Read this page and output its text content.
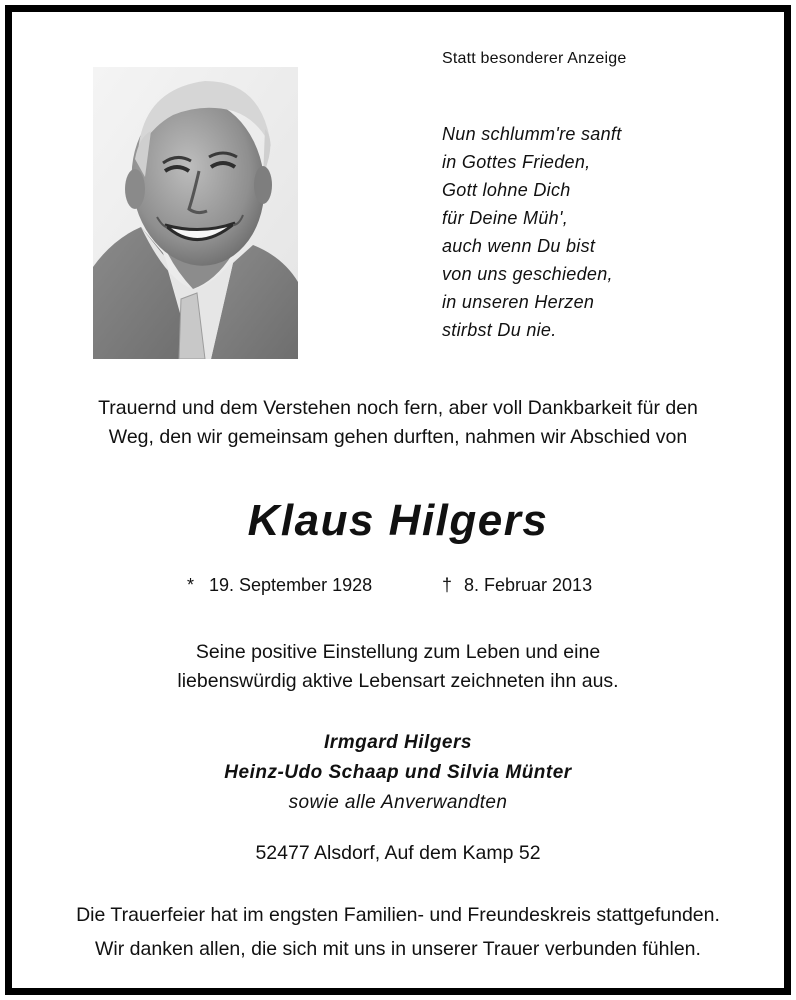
Statt besonderer Anzeige
Nun schlumm're sanft
in Gottes Frieden,
Gott lohne Dich
für Deine Müh',
auch wenn Du bist
von uns geschieden,
in unseren Herzen
stirbst Du nie.
Trauernd und dem Verstehen noch fern, aber voll Dankbarkeit für den
Weg, den wir gemeinsam gehen durften, nahmen wir Abschied von
Klaus Hilgers
* 19. September 1928	† 8. Februar 2013
Seine positive Einstellung zum Leben und eine
liebenswürdig aktive Lebensart zeichneten ihn aus.
Irmgard Hilgers
Heinz-Udo Schaap und Silvia Münter
sowie alle Anverwandten
52477 Alsdorf, Auf dem Kamp 52
Die Trauerfeier hat im engsten Familien- und Freundeskreis stattgefunden.
Wir danken allen, die sich mit uns in unserer Trauer verbunden fühlen.
